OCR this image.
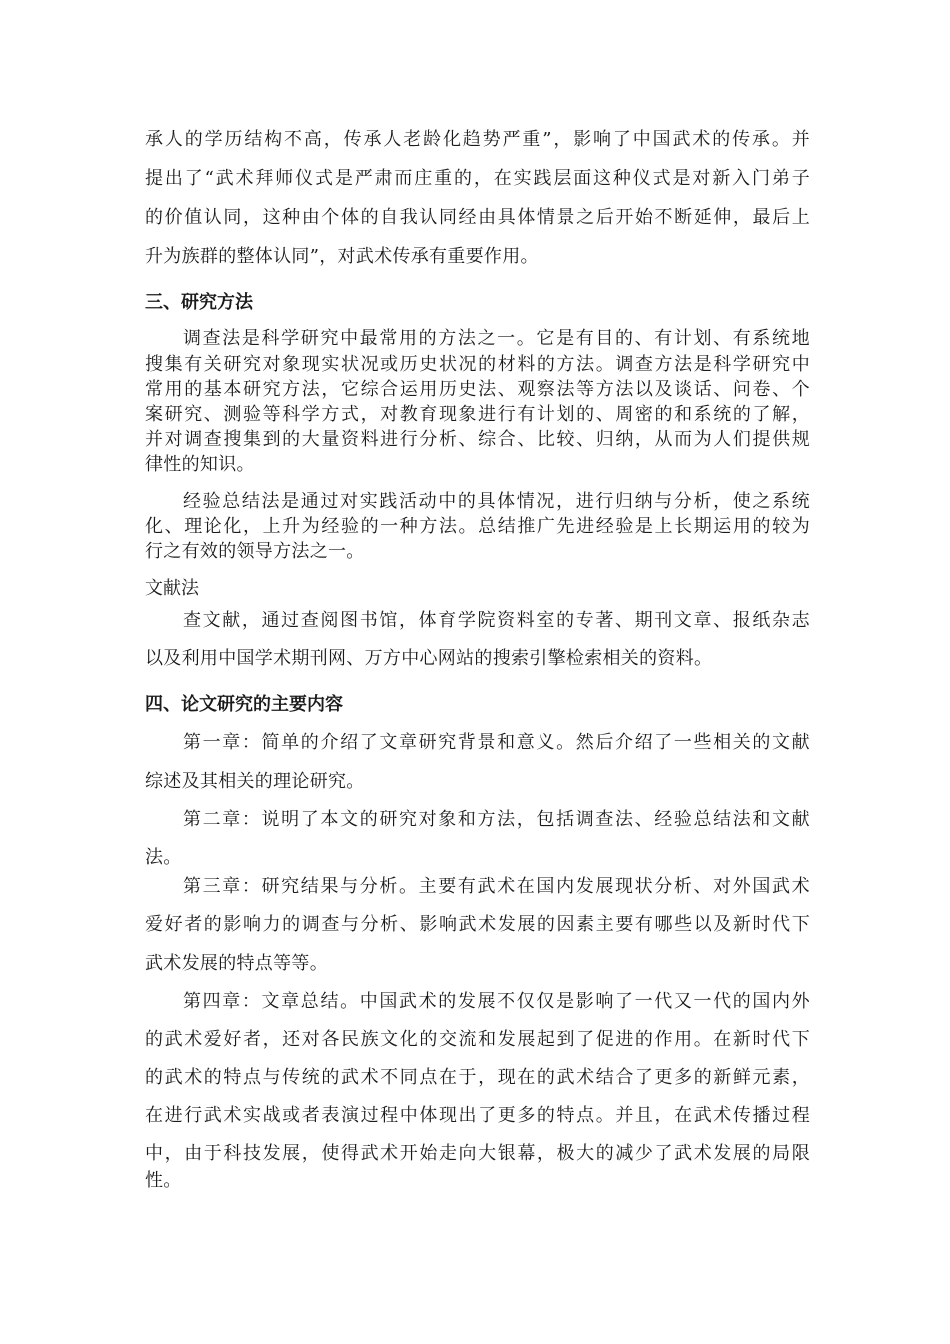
承人的学历结构不高，传承人老龄化趋势严重”，影响了中国武术的传承。并
提出了“武术拜师仪式是严肃而庄重的，在实践层面这种仪式是对新入门弟子
的价值认同，这种由个体的自我认同经由具体情景之后开始不断延伸，最后上
升为族群的整体认同”，对武术传承有重要作用。
三、研究方法
调查法是科学研究中最常用的方法之一。它是有目的、有计划、有系统地
搜集有关研究对象现实状况或历史状况的材料的方法。调查方法是科学研究中
常用的基本研究方法，它综合运用历史法、观察法等方法以及谈话、问卷、个
案研究、测验等科学方式，对教育现象进行有计划的、周密的和系统的了解，
并对调查搜集到的大量资料进行分析、综合、比较、归纳，从而为人们提供规
律性的知识。
经验总结法是通过对实践活动中的具体情况，进行归纳与分析，使之系统
化、理论化，上升为经验的一种方法。总结推广先进经验是上长期运用的较为
行之有效的领导方法之一。
文献法
查文献，通过查阅图书馆，体育学院资料室的专著、期刊文章、报纸杂志
以及利用中国学术期刊网、万方中心网站的搜索引擎检索相关的资料。
四、论文研究的主要内容
第一章：简单的介绍了文章研究背景和意义。然后介绍了一些相关的文献
综述及其相关的理论研究。
第二章：说明了本文的研究对象和方法，包括调查法、经验总结法和文献
法。
第三章：研究结果与分析。主要有武术在国内发展现状分析、对外国武术
爱好者的影响力的调查与分析、影响武术发展的因素主要有哪些以及新时代下
武术发展的特点等等。
第四章：文章总结。中国武术的发展不仅仅是影响了一代又一代的国内外
的武术爱好者，还对各民族文化的交流和发展起到了促进的作用。在新时代下
的武术的特点与传统的武术不同点在于，现在的武术结合了更多的新鲜元素，
在进行武术实战或者表演过程中体现出了更多的特点。并且，在武术传播过程
中，由于科技发展，使得武术开始走向大银幕，极大的减少了武术发展的局限
性。
